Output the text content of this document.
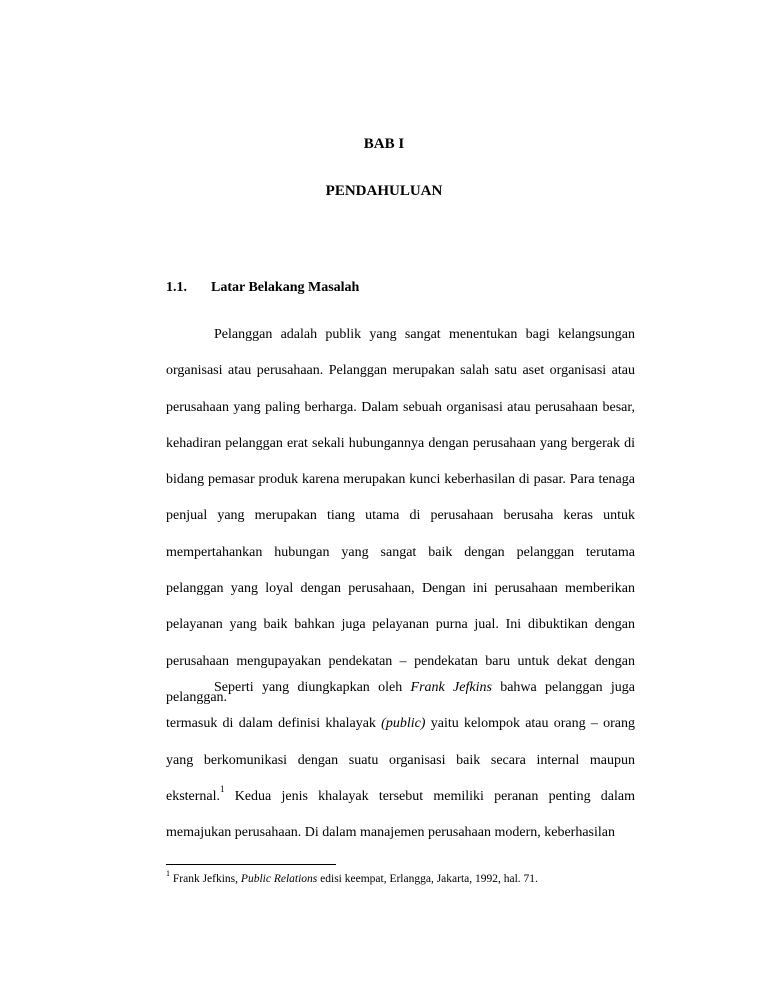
BAB I
PENDAHULUAN
1.1. Latar Belakang Masalah

Pelanggan adalah publik yang sangat menentukan bagi kelangsungan organisasi atau perusahaan. Pelanggan merupakan salah satu aset organisasi atau perusahaan yang paling berharga. Dalam sebuah organisasi atau perusahaan besar, kehadiran pelanggan erat sekali hubungannya dengan perusahaan yang bergerak di bidang pemasar produk karena merupakan kunci keberhasilan di pasar. Para tenaga penjual yang merupakan tiang utama di perusahaan berusaha keras untuk mempertahankan hubungan yang sangat baik dengan pelanggan terutama pelanggan yang loyal dengan perusahaan, Dengan ini perusahaan memberikan pelayanan yang baik bahkan juga pelayanan purna jual. Ini dibuktikan dengan perusahaan mengupayakan pendekatan – pendekatan baru untuk dekat dengan pelanggan.

Seperti yang diungkapkan oleh Frank Jefkins bahwa pelanggan juga termasuk di dalam definisi khalayak (public) yaitu kelompok atau orang – orang yang berkomunikasi dengan suatu organisasi baik secara internal maupun eksternal.$^1$ Kedua jenis khalayak tersebut memiliki peranan penting dalam memajukan perusahaan. Di dalam manajemen perusahaan modern, keberhasilan

$^1$ Frank Jefkins, Public Relations edisi keempat, Erlangga, Jakarta, 1992, hal. 71.
